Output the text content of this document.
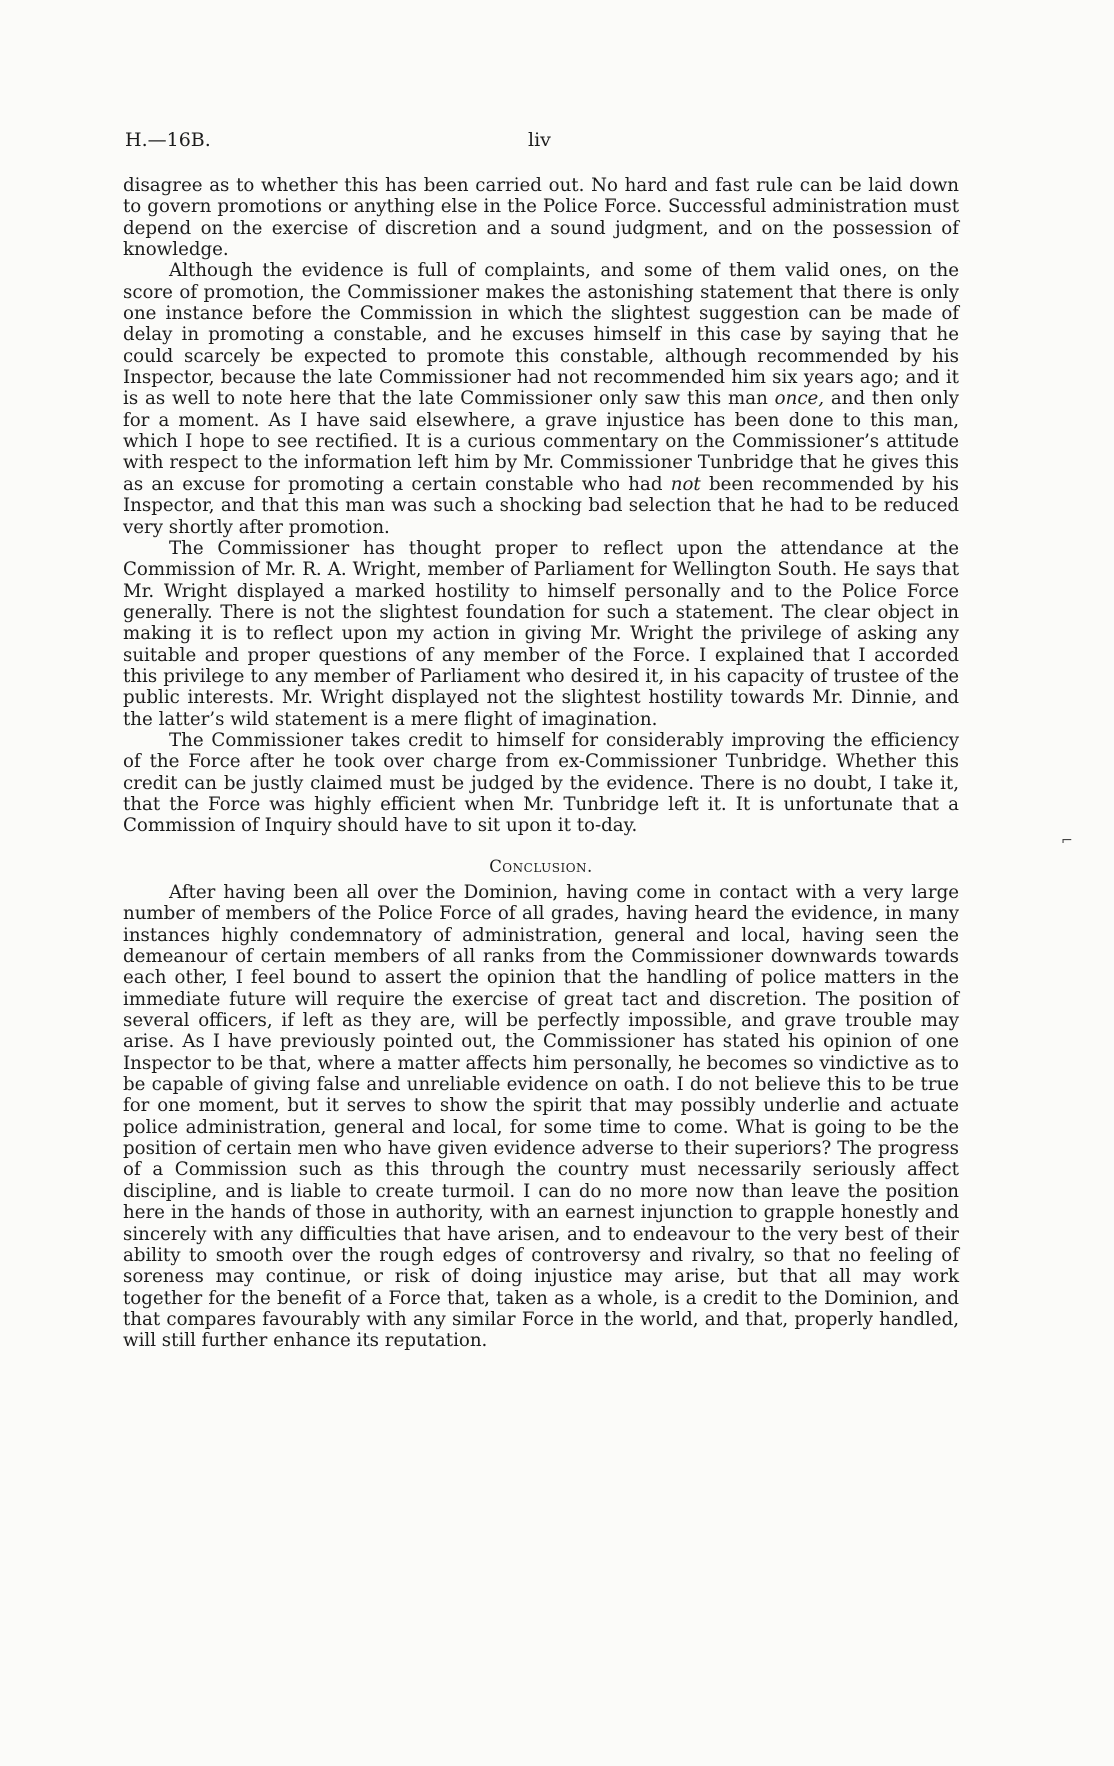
H.—16B.	liv

disagree as to whether this has been carried out. No hard and fast rule can be laid down to govern promotions or anything else in the Police Force. Successful administration must depend on the exercise of discretion and a sound judgment, and on the possession of knowledge.

Although the evidence is full of complaints, and some of them valid ones, on the score of promotion, the Commissioner makes the astonishing statement that there is only one instance before the Commission in which the slightest suggestion can be made of delay in promoting a constable, and he excuses himself in this case by saying that he could scarcely be expected to promote this constable, although recommended by his Inspector, because the late Commissioner had not recommended him six years ago; and it is as well to note here that the late Commissioner only saw this man once, and then only for a moment. As I have said elsewhere, a grave injustice has been done to this man, which I hope to see rectified. It is a curious commentary on the Commissioner’s attitude with respect to the information left him by Mr. Commissioner Tunbridge that he gives this as an excuse for promoting a certain constable who had not been recommended by his Inspector, and that this man was such a shocking bad selection that he had to be reduced very shortly after promotion.

The Commissioner has thought proper to reflect upon the attendance at the Commission of Mr. R. A. Wright, member of Parliament for Wellington South. He says that Mr. Wright displayed a marked hostility to himself personally and to the Police Force generally. There is not the slightest foundation for such a statement. The clear object in making it is to reflect upon my action in giving Mr. Wright the privilege of asking any suitable and proper questions of any member of the Force. I explained that I accorded this privilege to any member of Parliament who desired it, in his capacity of trustee of the public interests. Mr. Wright displayed not the slightest hostility towards Mr. Dinnie, and the latter’s wild statement is a mere flight of imagination.

The Commissioner takes credit to himself for considerably improving the efficiency of the Force after he took over charge from ex-Commissioner Tunbridge. Whether this credit can be justly claimed must be judged by the evidence. There is no doubt, I take it, that the Force was highly efficient when Mr. Tunbridge left it. It is unfortunate that a Commission of Inquiry should have to sit upon it to-day.

Conclusion.

After having been all over the Dominion, having come in contact with a very large number of members of the Police Force of all grades, having heard the evidence, in many instances highly condemnatory of administration, general and local, having seen the demeanour of certain members of all ranks from the Commissioner downwards towards each other, I feel bound to assert the opinion that the handling of police matters in the immediate future will require the exercise of great tact and discretion. The position of several officers, if left as they are, will be perfectly impossible, and grave trouble may arise. As I have previously pointed out, the Commissioner has stated his opinion of one Inspector to be that, where a matter affects him personally, he becomes so vindictive as to be capable of giving false and unreliable evidence on oath. I do not believe this to be true for one moment, but it serves to show the spirit that may possibly underlie and actuate police administration, general and local, for some time to come. What is going to be the position of certain men who have given evidence adverse to their superiors? The progress of a Commission such as this through the country must necessarily seriously affect discipline, and is liable to create turmoil. I can do no more now than leave the position here in the hands of those in authority, with an earnest injunction to grapple honestly and sincerely with any difficulties that have arisen, and to endeavour to the very best of their ability to smooth over the rough edges of controversy and rivalry, so that no feeling of soreness may continue, or risk of doing injustice may arise, but that all may work together for the benefit of a Force that, taken as a whole, is a credit to the Dominion, and that compares favourably with any similar Force in the world, and that, properly handled, will still further enhance its reputation.

⌐
